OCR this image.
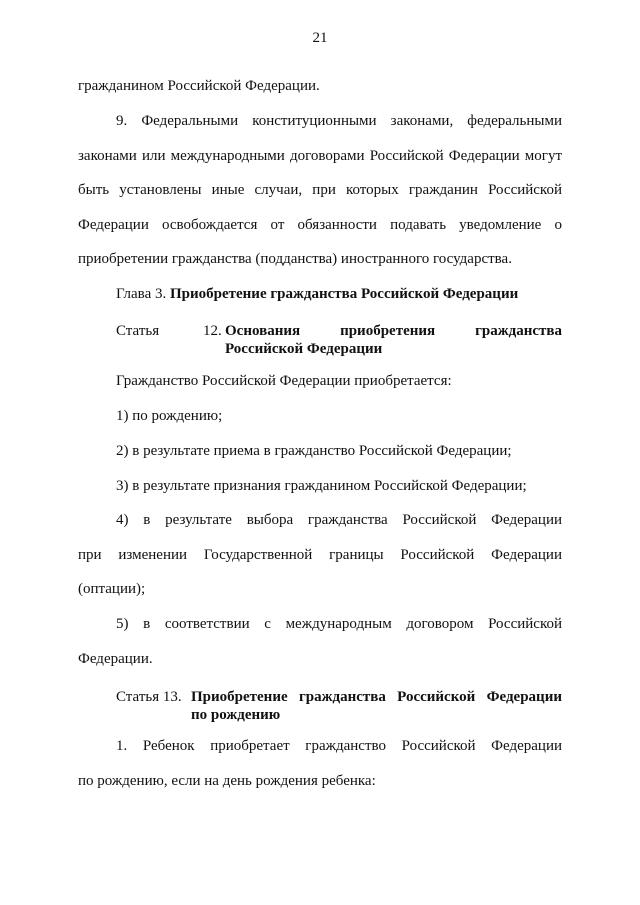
21
гражданином Российской Федерации.
9. Федеральными конституционными законами, федеральными законами или международными договорами Российской Федерации могут быть установлены иные случаи, при которых гражданин Российской Федерации освобождается от обязанности подавать уведомление о приобретении гражданства (подданства) иностранного государства.
Глава 3. Приобретение гражданства Российской Федерации
Статья	12. Основания приобретения гражданства
Российской Федерации
Гражданство Российской Федерации приобретается:
1) по рождению;
2) в результате приема в гражданство Российской Федерации;
3) в результате признания гражданином Российской Федерации;
4) в результате выбора гражданства Российской Федерации
при изменении Государственной границы Российской Федерации
(оптации);
5) в соответствии с международным договором Российской
Федерации.
Статья 13. Приобретение гражданства Российской Федерации
по рождению
1. Ребенок приобретает гражданство Российской Федерации
по рождению, если на день рождения ребенка:
